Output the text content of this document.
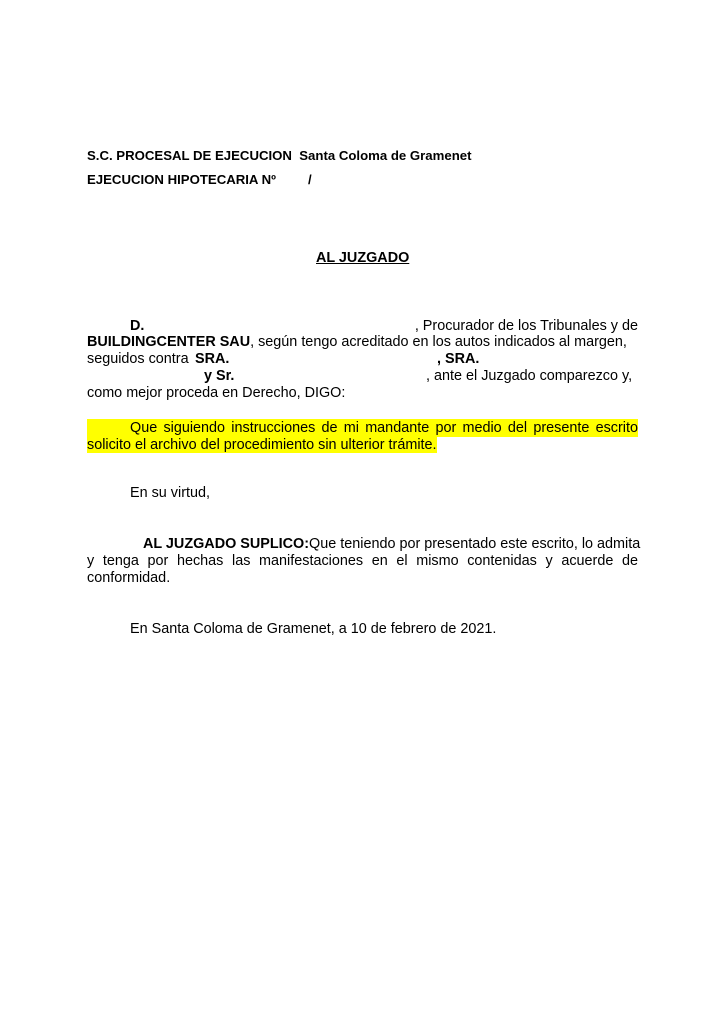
S.C. PROCESAL DE EJECUCION Santa Coloma de Gramenet
EJECUCION HIPOTECARIA Nº /
AL JUZGADO
D.	, Procurador de los Tribunales y de
BUILDINGCENTER SAU, según tengo acreditado en los autos indicados al margen,
seguidos contra SRA.	, SRA.
y Sr.	, ante el Juzgado comparezco y,
como mejor proceda en Derecho, DIGO:
Que siguiendo instrucciones de mi mandante por medio del presente escrito
solicito el archivo del procedimiento sin ulterior trámite.
En su virtud,
AL JUZGADO SUPLICO: Que teniendo por presentado este escrito, lo admita
y tenga por hechas las manifestaciones en el mismo contenidas y acuerde de
conformidad.
En Santa Coloma de Gramenet, a 10 de febrero de 2021.
